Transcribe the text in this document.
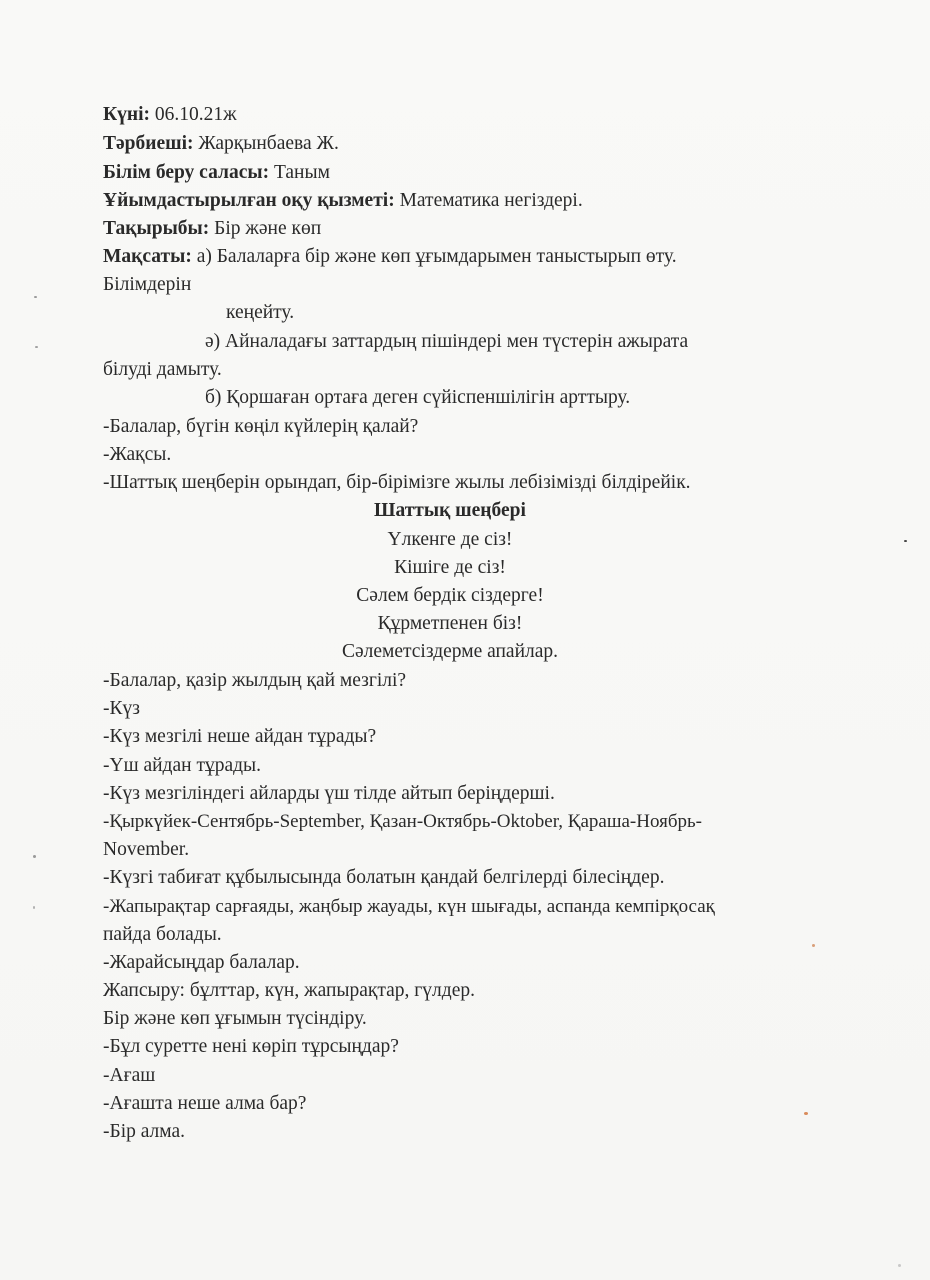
Күні: 06.10.21ж
Тәрбиеші: Жарқынбаева Ж.
Білім беру саласы: Таным
Ұйымдастырылған оқу қызметі: Математика негіздері.
Тақырыбы: Бір және көп
Мақсаты: а) Балаларға бір және көп ұғымдарымен таныстырып өту.
Білімдерін
кеңейту.
ә) Айналадағы заттардың пішіндері мен түстерін ажырата
білуді дамыту.
б) Қоршаған ортаға деген сүйіспеншілігін арттыру.
-Балалар, бүгін көңіл күйлерің қалай?
-Жақсы.
-Шаттық шеңберін орындап, бір-бірімізге жылы лебізімізді білдірейік.
Шаттық шеңбері
Үлкенге де сіз!
Кішіге де сіз!
Сәлем бердік сіздерге!
Құрметпенен біз!
Сәлеметсіздерме апайлар.
-Балалар, қазір жылдың қай мезгілі?
-Күз
-Күз мезгілі неше айдан тұрады?
-Үш айдан тұрады.
-Күз мезгіліндегі айларды үш тілде айтып беріңдерші.
-Қыркүйек-Сентябрь-September, Қазан-Октябрь-Oktober, Қараша-Ноябрь-
November.
-Күзгі табиғат құбылысында болатын қандай белгілерді білесіңдер.
-Жапырақтар сарғаяды, жаңбыр жауады, күн шығады, аспанда кемпірқосақ
пайда болады.
-Жарайсыңдар балалар.
Жапсыру: бұлттар, күн, жапырақтар, гүлдер.
Бір және көп ұғымын түсіндіру.
-Бұл суретте нені көріп тұрсыңдар?
-Ағаш
-Ағашта неше алма бар?
-Бір алма.
